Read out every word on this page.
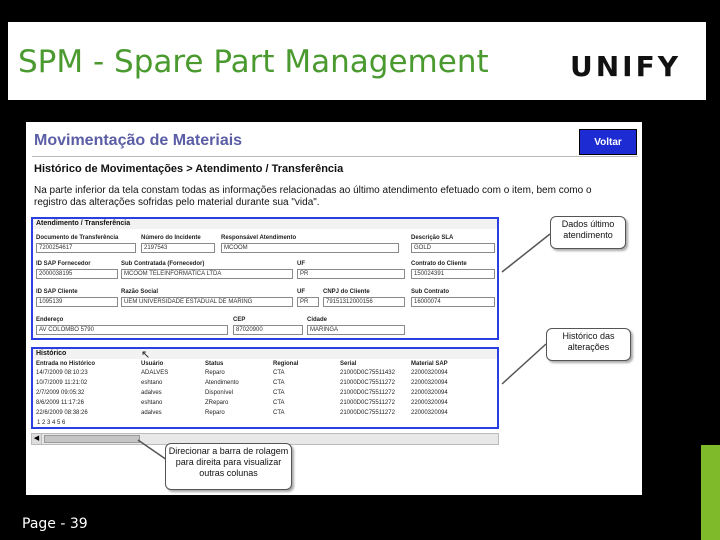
SPM - Spare Part Management	UNIFY
Movimentação de Materiais	Voltar
Histórico de Movimentações > Atendimento / Transferência
Na parte inferior da tela constam todas as informações relacionadas ao último atendimento efetuado com o item, bem como o registro das alterações sofridas pelo material durante sua "vida".
Atendimento / Transferência
Documento de Transferência
7200254617
Número do Incidente
2197543
Responsável Atendimento
MCOOM
Descrição SLA
GOLD
ID SAP Fornecedor
2000038195
Sub Contratada (Fornecedor)
MCOOM TELEINFORMATICA LTDA
UF
PR
Contrato do Cliente
150024391
ID SAP Cliente
1095139
Razão Social
UEM UNIVERSIDADE ESTADUAL DE MARING
UF
PR
CNPJ do Cliente
79151312000156
Sub Contrato
16000074
Endereço
AV COLOMBO 5790
CEP
87020900
Cidade
MARINGA
Histórico
Entrada no Histórico	Usuário	Status	Regional	Serial	Material SAP
14/7/2009 08:10:23	ADALVES	Reparo	CTA	21000D0C75511432	22000320094
10/7/2009 11:21:02	eshtano	Atendimento	CTA	21000D0C75511272	22000320094
2/7/2009 09:05:32	adalves	Disponível	CTA	21000D0C75511272	22000320094
8/6/2009 11:17:26	eshtano	ZReparo	CTA	21000D0C75511272	22000320094
22/6/2009 08:38:26	adalves	Reparo	CTA	21000D0C75511272	22000320094
1 2 3 4 5 6
↖
◀
Dados último atendimento
Histórico das alterações
Direcionar a barra de rolagem para direita para visualizar outras colunas
Page - 39
